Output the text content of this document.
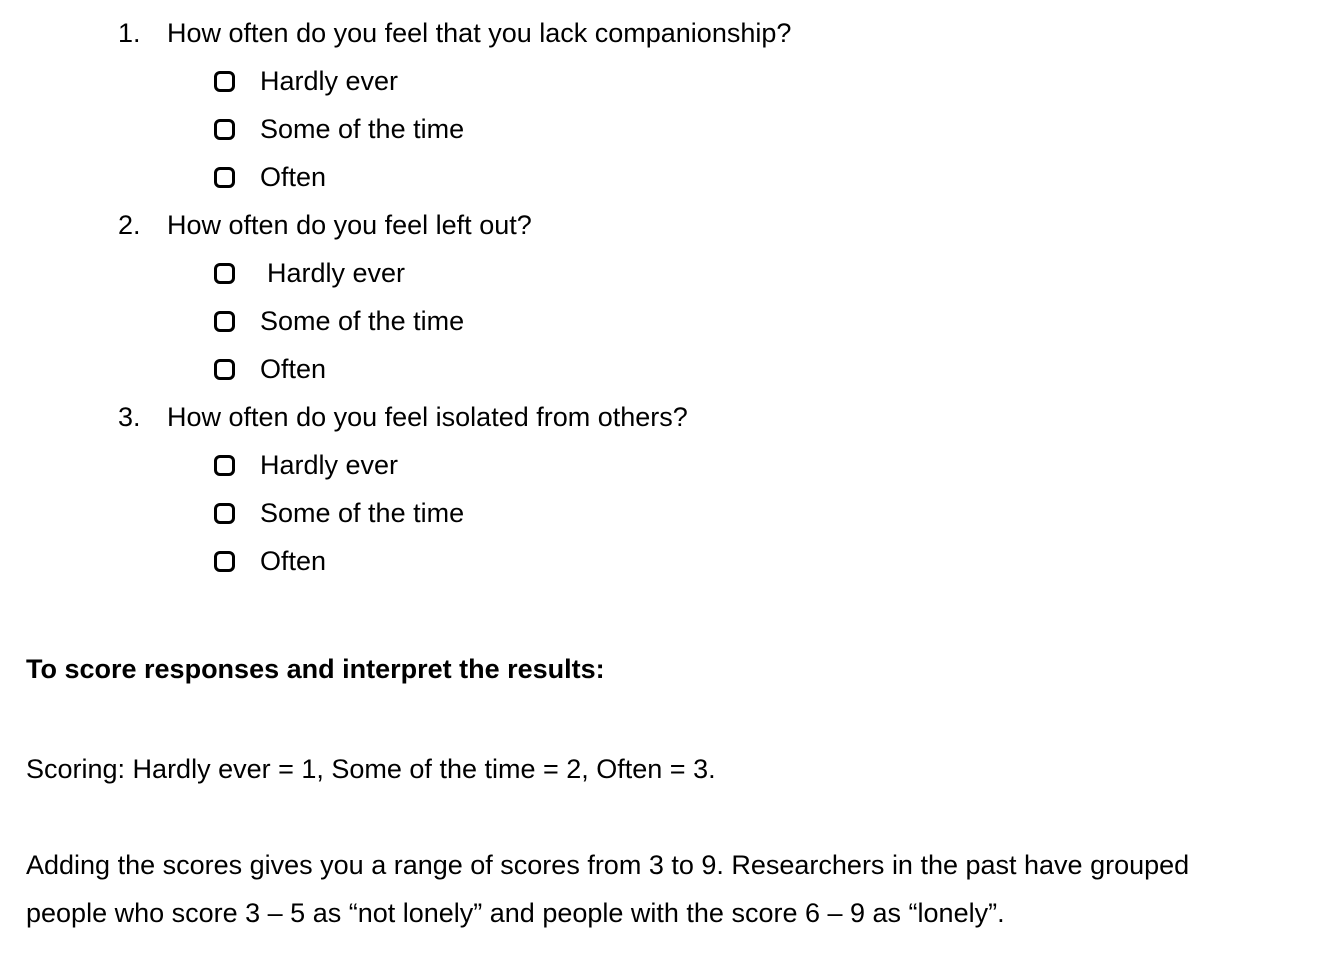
1. How often do you feel that you lack companionship?
Hardly ever
Some of the time
Often
2. How often do you feel left out?
Hardly ever
Some of the time
Often
3. How often do you feel isolated from others?
Hardly ever
Some of the time
Often
To score responses and interpret the results:
Scoring: Hardly ever = 1, Some of the time = 2, Often = 3.
Adding the scores gives you a range of scores from 3 to 9. Researchers in the past have grouped
people who score 3 – 5 as “not lonely” and people with the score 6 – 9 as “lonely”.
